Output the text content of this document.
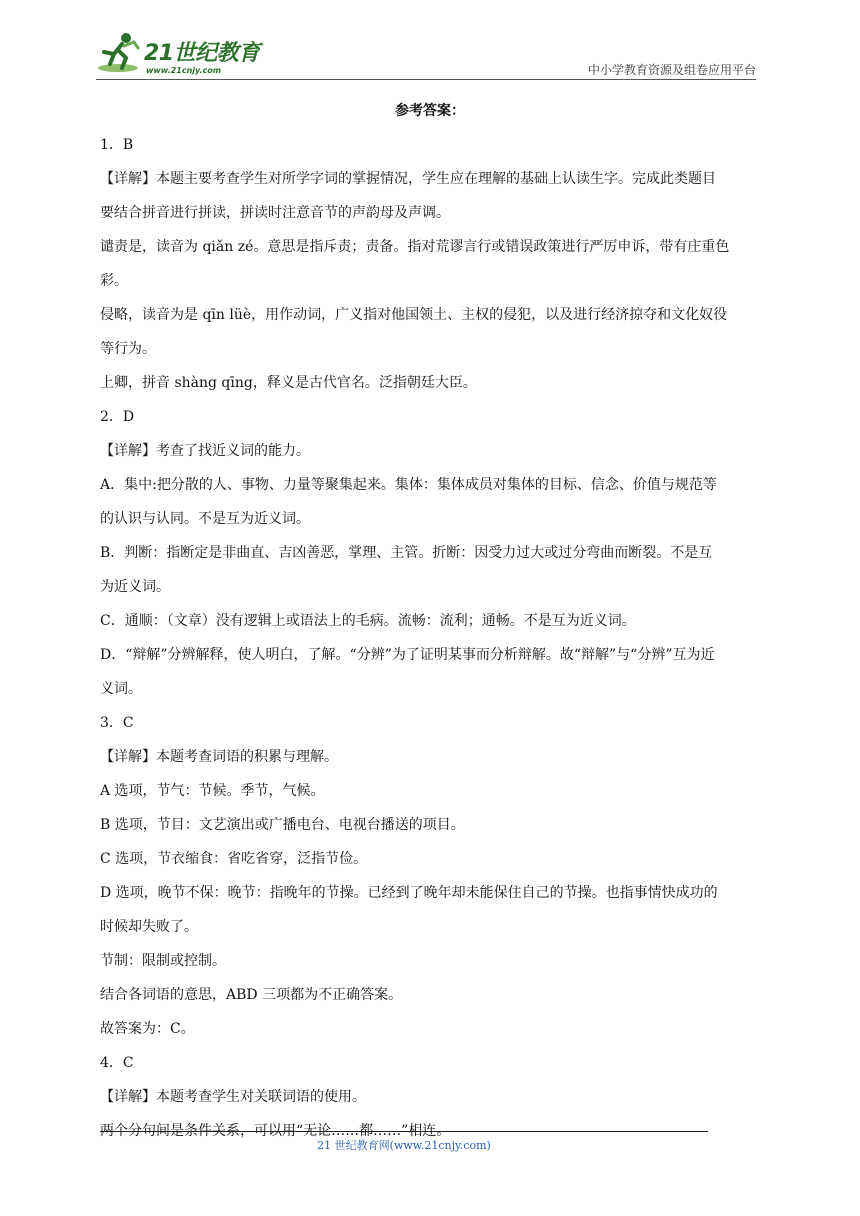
21世纪教育
www.21cnjy.com	中小学教育资源及组卷应用平台
参考答案：

1．B

【详解】本题主要考查学生对所学字词的掌握情况，学生应在理解的基础上认读生字。完成此类题目

要结合拼音进行拼读，拼读时注意音节的声韵母及声调。

谴责是，读音为 qiǎn zé。意思是指斥责；责备。指对荒谬言行或错误政策进行严厉申诉，带有庄重色

彩。

侵略，读音为是 qīn lüè，用作动词，广义指对他国领土、主权的侵犯，以及进行经济掠夺和文化奴役

等行为。

上卿，拼音 shàng qīng，释义是古代官名。泛指朝廷大臣。

2．D

【详解】考查了找近义词的能力。

A．集中:把分散的人、事物、力量等聚集起来。集体：集体成员对集体的目标、信念、价值与规范等

的认识与认同。不是互为近义词。

B．判断：指断定是非曲直、吉凶善恶，掌理、主管。折断：因受力过大或过分弯曲而断裂。不是互

为近义词。

C．通顺：（文章）没有逻辑上或语法上的毛病。流畅：流利；通畅。不是互为近义词。

D．“辩解”分辨解释，使人明白，了解。“分辨”为了证明某事而分析辩解。故“辩解”与“分辨”互为近

义词。

3．C

【详解】本题考查词语的积累与理解。

A 选项，节气：节候。季节，气候。

B 选项，节目：文艺演出或广播电台、电视台播送的项目。

C 选项，节衣缩食：省吃省穿，泛指节俭。

D 选项，晚节不保：晚节：指晚年的节操。已经到了晚年却未能保住自己的节操。也指事情快成功的

时候却失败了。

节制：限制或控制。

结合各词语的意思，ABD 三项都为不正确答案。

故答案为：C。

4．C

【详解】本题考查学生对关联词语的使用。

两个分句间是条件关系，可以用“无论……都……”相连。

21 世纪教育网(www.21cnjy.com)
